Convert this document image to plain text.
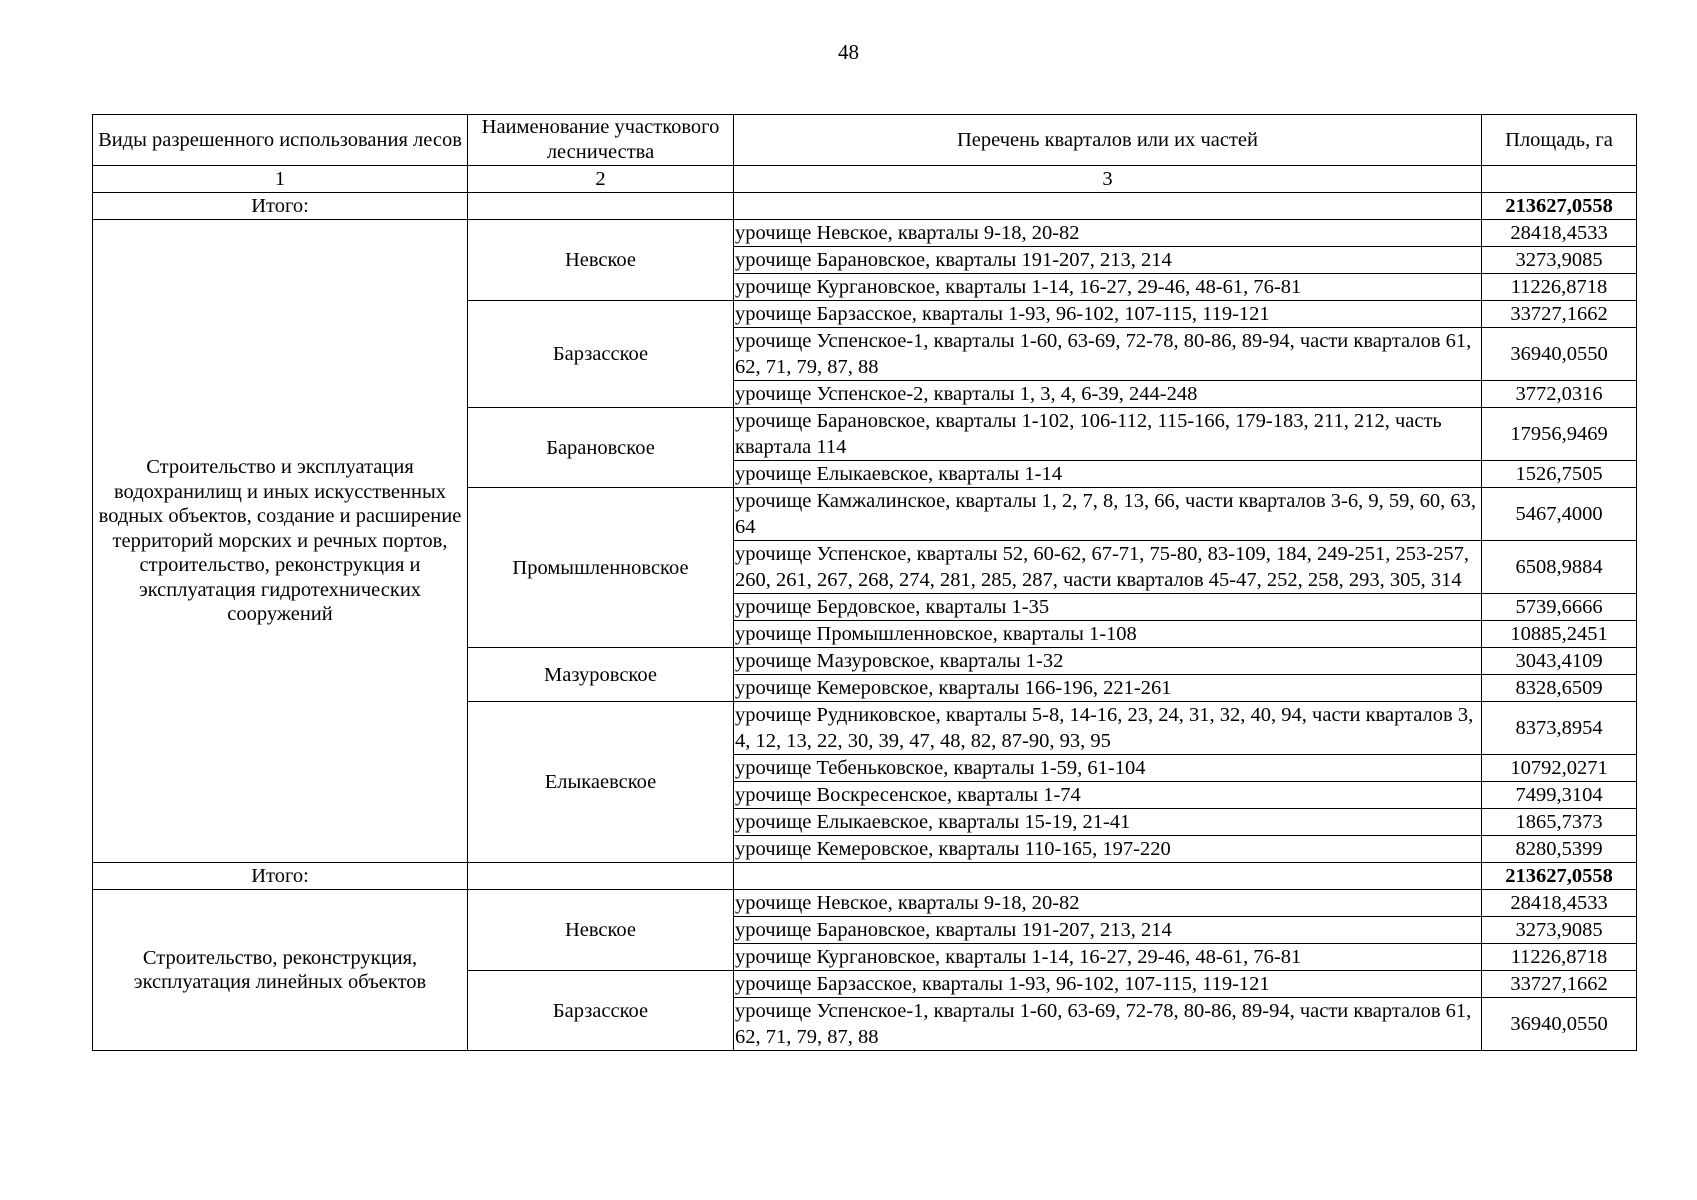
48
Виды разрешенного использования лесов	Наименование участкового лесничества	Перечень кварталов или их частей	Площадь, га
1	2	3	
Итого:			213627,0558
Строительство и эксплуатация водохранилищ и иных искусственных водных объектов, создание и расширение территорий морских и речных портов, строительство, реконструкция и эксплуатация гидротехнических сооружений	Невское	урочище Невское, кварталы 9-18, 20-82	28418,4533
		урочище Барановское, кварталы 191-207, 213, 214	3273,9085
		урочище Кургановское, кварталы 1-14, 16-27, 29-46, 48-61, 76-81	11226,8718
	Барзасское	урочище Барзасское, кварталы 1-93, 96-102, 107-115, 119-121	33727,1662
		урочище Успенское-1, кварталы 1-60, 63-69, 72-78, 80-86, 89-94, части кварталов 61, 62, 71, 79, 87, 88	36940,0550
		урочище Успенское-2, кварталы 1, 3, 4, 6-39, 244-248	3772,0316
	Барановское	урочище Барановское, кварталы 1-102, 106-112, 115-166, 179-183, 211, 212, часть квартала 114	17956,9469
		урочище Елыкаевское, кварталы 1-14	1526,7505
	Промышленновское	урочище Камжалинское, кварталы 1, 2, 7, 8, 13, 66, части кварталов 3-6, 9, 59, 60, 63, 64	5467,4000
		урочище Успенское, кварталы 52, 60-62, 67-71, 75-80, 83-109, 184, 249-251, 253-257, 260, 261, 267, 268, 274, 281, 285, 287, части кварталов 45-47, 252, 258, 293, 305, 314	6508,9884
		урочище Бердовское, кварталы 1-35	5739,6666
		урочище Промышленновское, кварталы 1-108	10885,2451
	Мазуровское	урочище Мазуровское, кварталы 1-32	3043,4109
		урочище Кемеровское, кварталы 166-196, 221-261	8328,6509
	Елыкаевское	урочище Рудниковское, кварталы 5-8, 14-16, 23, 24, 31, 32, 40, 94, части кварталов 3, 4, 12, 13, 22, 30, 39, 47, 48, 82, 87-90, 93, 95	8373,8954
		урочище Тебеньковское, кварталы 1-59, 61-104	10792,0271
		урочище Воскресенское, кварталы 1-74	7499,3104
		урочище Елыкаевское, кварталы 15-19, 21-41	1865,7373
		урочище Кемеровское, кварталы 110-165, 197-220	8280,5399
Итого:			213627,0558
Строительство, реконструкция, эксплуатация линейных объектов	Невское	урочище Невское, кварталы 9-18, 20-82	28418,4533
		урочище Барановское, кварталы 191-207, 213, 214	3273,9085
		урочище Кургановское, кварталы 1-14, 16-27, 29-46, 48-61, 76-81	11226,8718
	Барзасское	урочище Барзасское, кварталы 1-93, 96-102, 107-115, 119-121	33727,1662
		урочище Успенское-1, кварталы 1-60, 63-69, 72-78, 80-86, 89-94, части кварталов 61, 62, 71, 79, 87, 88	36940,0550
